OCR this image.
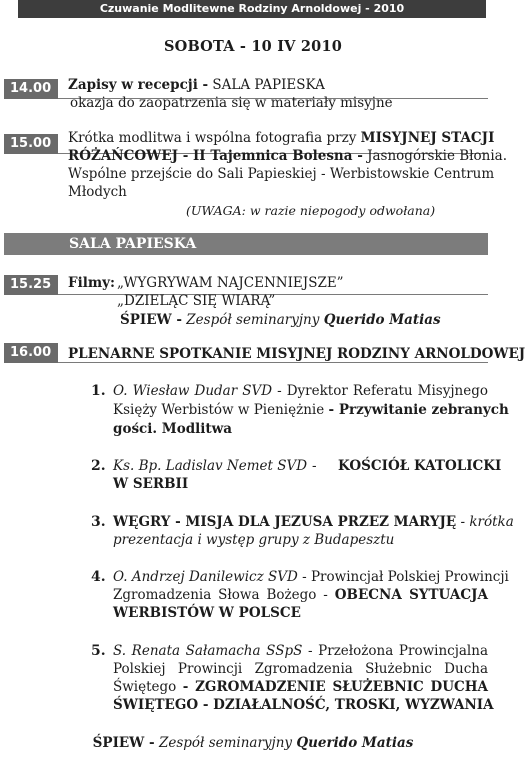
Czuwanie Modlitewne Rodziny Arnoldowej - 2010
SOBOTA - 10 IV 2010
14.00	Zapisy w recepcji - SALA PAPIESKA
okazja do zaopatrzenia się w materiały misyjne
15.00	Krótka modlitwa i wspólna fotografia przy MISYJNEJ STACJI
RÓŻAŃCOWEJ - II Tajemnica Bolesna - Jasnogórskie Błonia.
Wspólne przejście do Sali Papieskiej - Werbistowskie Centrum
Młodych
(UWAGA: w razie niepogody odwołana)
SALA PAPIESKA
15.25	Filmy: „WYGRYWAM NAJCENNIEJSZE”
„DZIELĄC SIĘ WIARĄ”
ŚPIEW - Zespół seminaryjny Querido Matias
16.00	PLENARNE SPOTKANIE MISYJNEJ RODZINY ARNOLDOWEJ
1. O. Wiesław Dudar SVD - Dyrektor Referatu Misyjnego
Księży Werbistów w Pieniężnie - Przywitanie zebranych
gości. Modlitwa
2. Ks. Bp. Ladislav Nemet SVD - KOŚCIÓŁ KATOLICKI
W SERBII
3. WĘGRY - MISJA DLA JEZUSA PRZEZ MARYJĘ - krótka
prezentacja i występ grupy z Budapesztu
4. O. Andrzej Danilewicz SVD - Prowincjał Polskiej Prowincji
Zgromadzenia Słowa Bożego - OBECNA SYTUACJA
WERBISTÓW W POLSCE
5. S. Renata Sałamacha SSpS - Przełożona Prowincjalna
Polskiej Prowincji Zgromadzenia Służebnic Ducha
Świętego - ZGROMADZENIE SŁUŻEBNIC DUCHA
ŚWIĘTEGO - DZIAŁALNOŚĆ, TROSKI, WYZWANIA
ŚPIEW - Zespół seminaryjny Querido Matias
